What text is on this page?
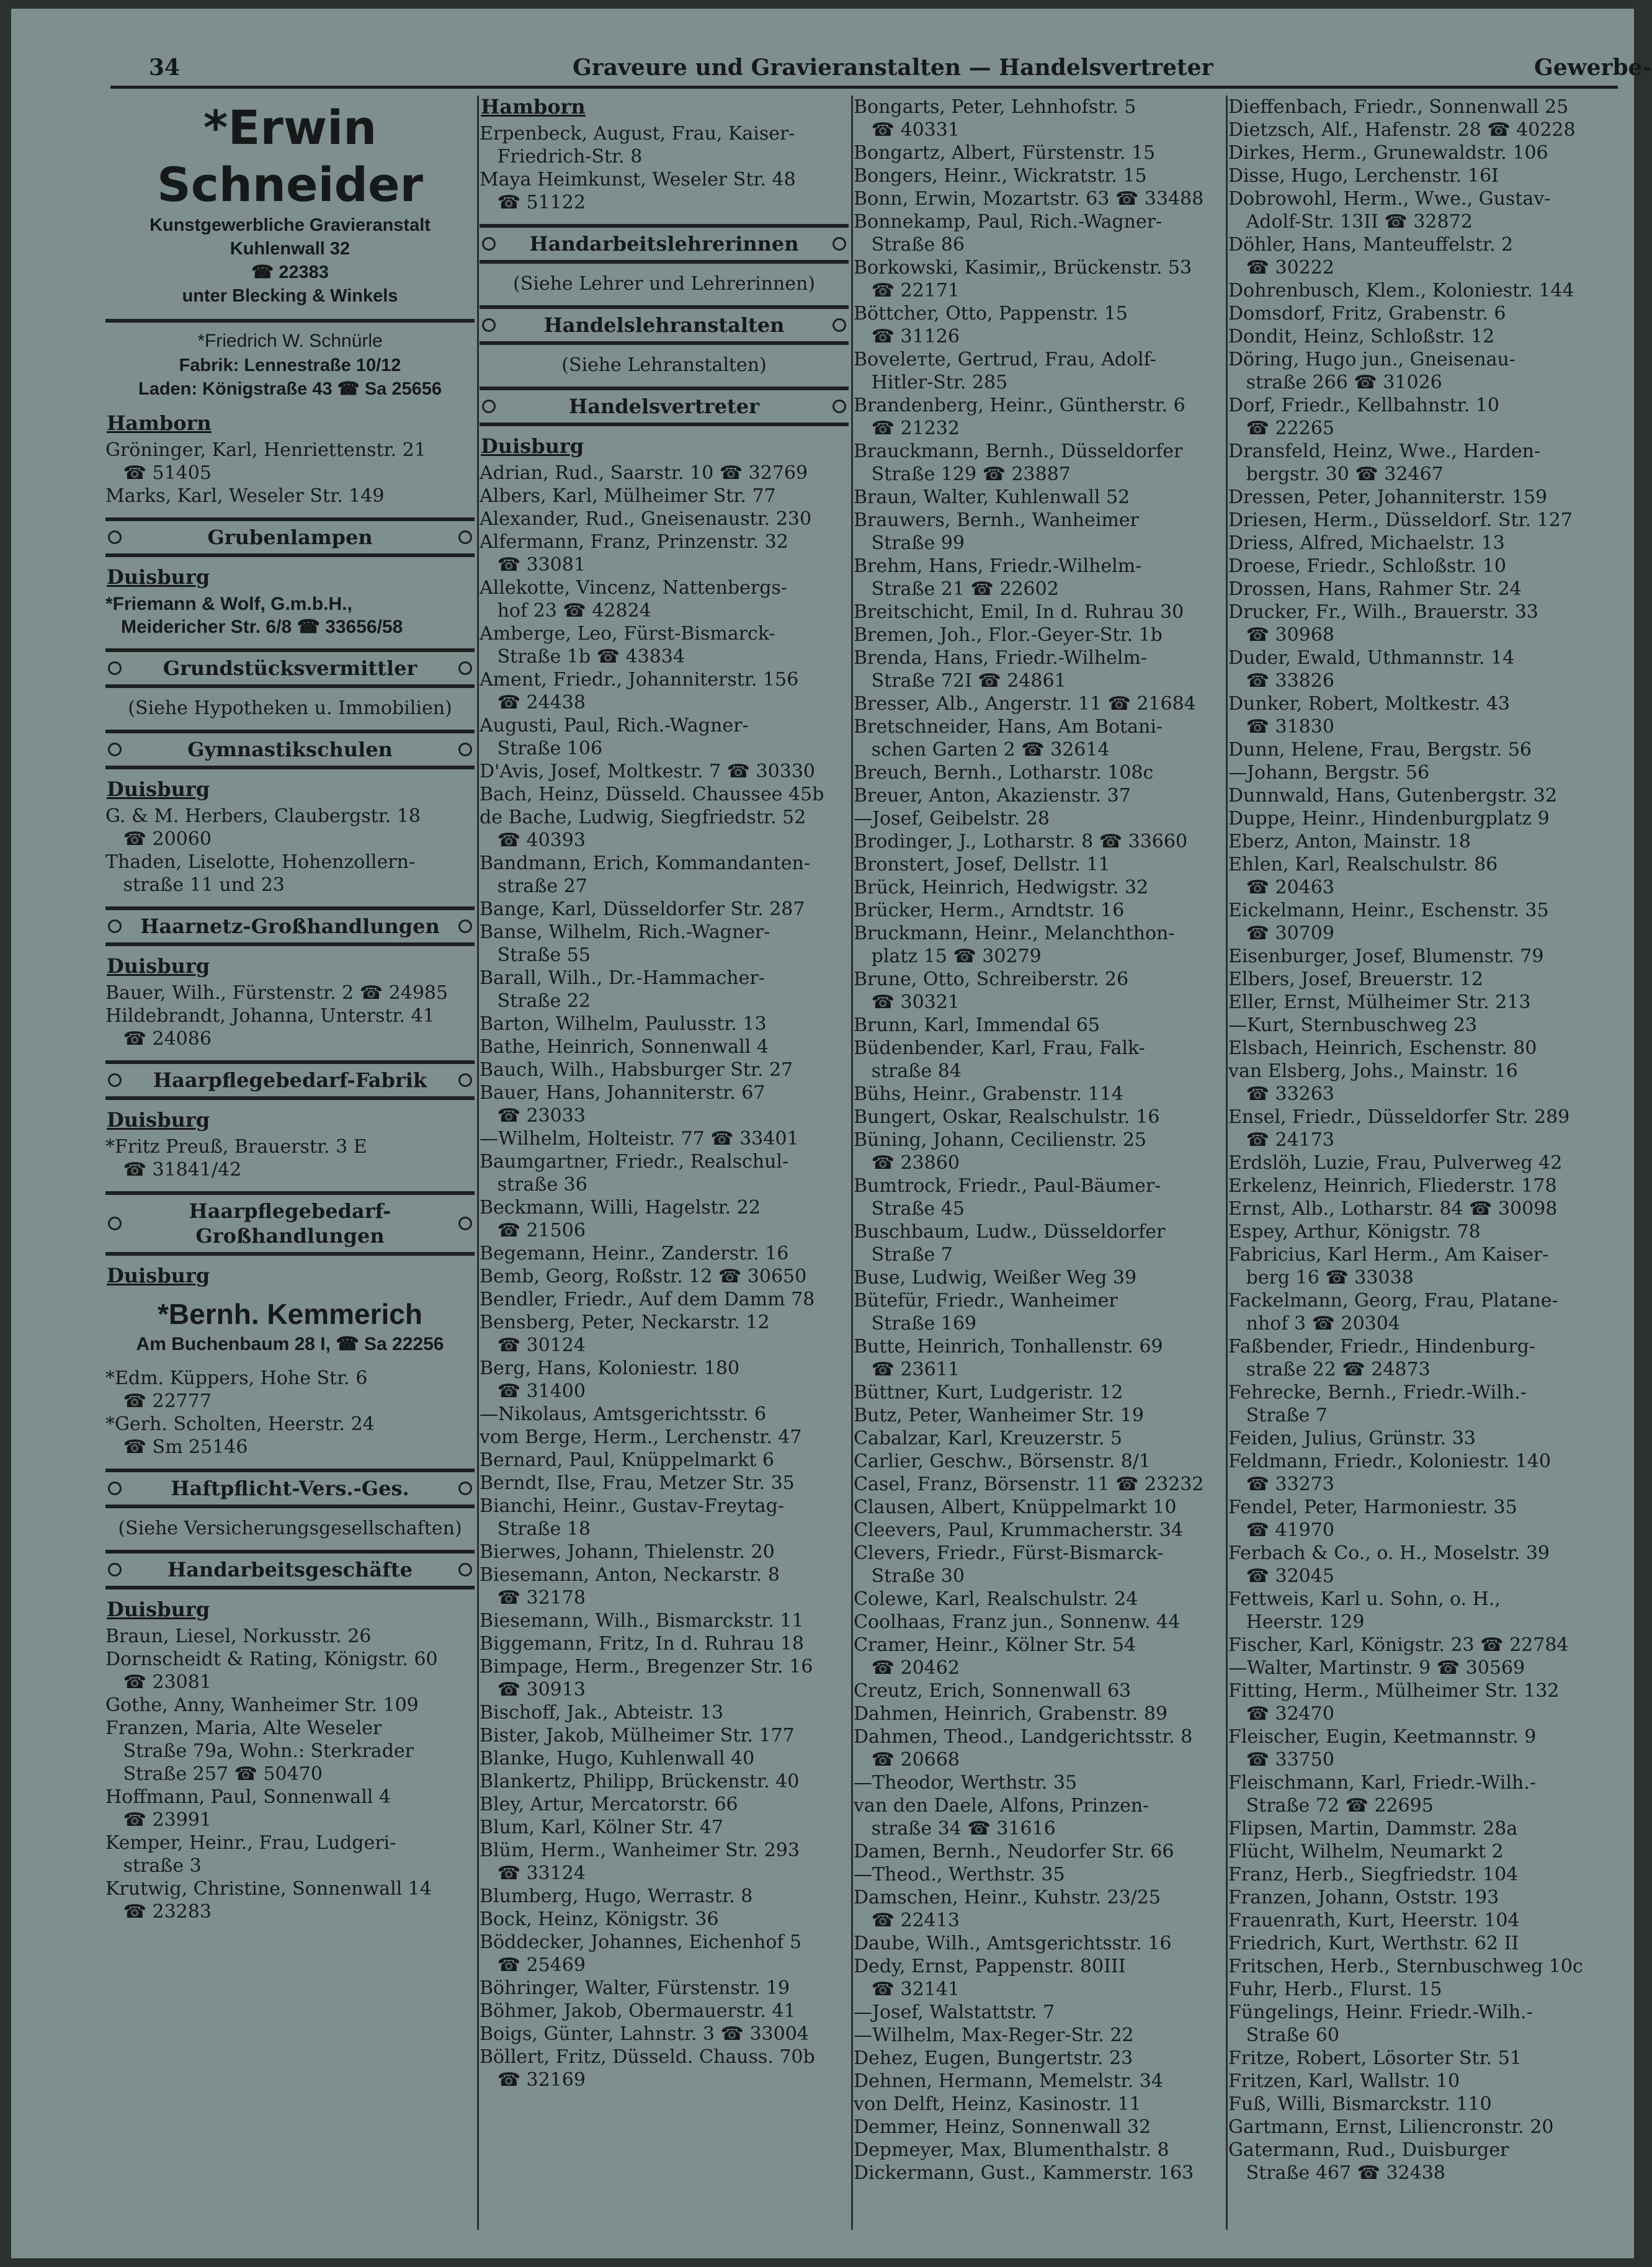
34	Graveure und Gravieranstalten — Handelsvertreter	Gewerbe-
*Erwin Schneider
Kunstgewerbliche Gravieranstalt
Kuhlenwall 32
☎ 22383
unter Blecking & Winkels
*Friedrich W. Schnürle
Fabrik: Lennestraße 10/12
Laden: Königstraße 43 ☎ Sa 25656
Hamborn
Gröninger, Karl, Henriettenstr. 21
☎ 51405
Marks, Karl, Weseler Str. 149
Grubenlampen
Duisburg
*Friemann & Wolf, G.m.b.H.,
Meidericher Str. 6/8 ☎ 33656/58
Grundstücksvermittler
(Siehe Hypotheken u. Immobilien)
Gymnastikschulen
Duisburg
G. & M. Herbers, Claubergstr. 18
☎ 20060
Thaden, Liselotte, Hohenzollern-
straße 11 und 23
Haarnetz-Großhandlungen
Duisburg
Bauer, Wilh., Fürstenstr. 2 ☎ 24985
Hildebrandt, Johanna, Unterstr. 41
☎ 24086
Haarpflegebedarf-Fabrik
Duisburg
*Fritz Preuß, Brauerstr. 3 E
☎ 31841/42
Haarpflegebedarf-
Großhandlungen
Duisburg
*Bernh. Kemmerich
Am Buchenbaum 28 I, ☎ Sa 22256
*Edm. Küppers, Hohe Str. 6
☎ 22777
*Gerh. Scholten, Heerstr. 24
☎ Sm 25146
Haftpflicht-Vers.-Ges.
(Siehe Versicherungsgesellschaften)
Handarbeitsgeschäfte
Duisburg
Braun, Liesel, Norkusstr. 26
Dornscheidt & Rating, Königstr. 60
☎ 23081
Gothe, Anny, Wanheimer Str. 109
Franzen, Maria, Alte Weseler
Straße 79a, Wohn.: Sterkrader
Straße 257 ☎ 50470
Hoffmann, Paul, Sonnenwall 4
☎ 23991
Kemper, Heinr., Frau, Ludgeri-
straße 3
Krutwig, Christine, Sonnenwall 14
☎ 23283
Hamborn
Erpenbeck, August, Frau, Kaiser-
Friedrich-Str. 8
Maya Heimkunst, Weseler Str. 48
☎ 51122
Handarbeitslehrerinnen
(Siehe Lehrer und Lehrerinnen)
Handelslehranstalten
(Siehe Lehranstalten)
Handelsvertreter
Duisburg
Adrian, Rud., Saarstr. 10 ☎ 32769
Albers, Karl, Mülheimer Str. 77
Alexander, Rud., Gneisenaustr. 230
Alfermann, Franz, Prinzenstr. 32
☎ 33081
Allekotte, Vincenz, Nattenbergs-
hof 23 ☎ 42824
Amberge, Leo, Fürst-Bismarck-
Straße 1b ☎ 43834
Ament, Friedr., Johanniterstr. 156
☎ 24438
Augusti, Paul, Rich.-Wagner-
Straße 106
D'Avis, Josef, Moltkestr. 7 ☎ 30330
Bach, Heinz, Düsseld. Chaussee 45b
de Bache, Ludwig, Siegfriedstr. 52
☎ 40393
Bandmann, Erich, Kommandanten-
straße 27
Bange, Karl, Düsseldorfer Str. 287
Banse, Wilhelm, Rich.-Wagner-
Straße 55
Barall, Wilh., Dr.-Hammacher-
Straße 22
Barton, Wilhelm, Paulusstr. 13
Bathe, Heinrich, Sonnenwall 4
Bauch, Wilh., Habsburger Str. 27
Bauer, Hans, Johanniterstr. 67
☎ 23033
—Wilhelm, Holteistr. 77 ☎ 33401
Baumgartner, Friedr., Realschul-
straße 36
Beckmann, Willi, Hagelstr. 22
☎ 21506
Begemann, Heinr., Zanderstr. 16
Bemb, Georg, Roßstr. 12 ☎ 30650
Bendler, Friedr., Auf dem Damm 78
Bensberg, Peter, Neckarstr. 12
☎ 30124
Berg, Hans, Koloniestr. 180
☎ 31400
—Nikolaus, Amtsgerichtsstr. 6
vom Berge, Herm., Lerchenstr. 47
Bernard, Paul, Knüppelmarkt 6
Berndt, Ilse, Frau, Metzer Str. 35
Bianchi, Heinr., Gustav-Freytag-
Straße 18
Bierwes, Johann, Thielenstr. 20
Biesemann, Anton, Neckarstr. 8
☎ 32178
Biesemann, Wilh., Bismarckstr. 11
Biggemann, Fritz, In d. Ruhrau 18
Bimpage, Herm., Bregenzer Str. 16
☎ 30913
Bischoff, Jak., Abteistr. 13
Bister, Jakob, Mülheimer Str. 177
Blanke, Hugo, Kuhlenwall 40
Blankertz, Philipp, Brückenstr. 40
Bley, Artur, Mercatorstr. 66
Blum, Karl, Kölner Str. 47
Blüm, Herm., Wanheimer Str. 293
☎ 33124
Blumberg, Hugo, Werrastr. 8
Bock, Heinz, Königstr. 36
Böddecker, Johannes, Eichenhof 5
☎ 25469
Böhringer, Walter, Fürstenstr. 19
Böhmer, Jakob, Obermauerstr. 41
Boigs, Günter, Lahnstr. 3 ☎ 33004
Böllert, Fritz, Düsseld. Chauss. 70b
☎ 32169
Bongarts, Peter, Lehnhofstr. 5
☎ 40331
Bongartz, Albert, Fürstenstr. 15
Bongers, Heinr., Wickratstr. 15
Bonn, Erwin, Mozartstr. 63 ☎ 33488
Bonnekamp, Paul, Rich.-Wagner-
Straße 86
Borkowski, Kasimir,, Brückenstr. 53
☎ 22171
Böttcher, Otto, Pappenstr. 15
☎ 31126
Boveleтte, Gertrud, Frau, Adolf-
Hitler-Str. 285
Brandenberg, Heinr., Güntherstr. 6
☎ 21232
Brauckmann, Bernh., Düsseldorfer
Straße 129 ☎ 23887
Braun, Walter, Kuhlenwall 52
Brauwers, Bernh., Wanheimer
Straße 99
Brehm, Hans, Friedr.-Wilhelm-
Straße 21 ☎ 22602
Breitschicht, Emil, In d. Ruhrau 30
Bremen, Joh., Flor.-Geyer-Str. 1b
Brenda, Hans, Friedr.-Wilhelm-
Straße 72I ☎ 24861
Bresser, Alb., Angerstr. 11 ☎ 21684
Bretschneider, Hans, Am Botani-
schen Garten 2 ☎ 32614
Breuch, Bernh., Lotharstr. 108c
Breuer, Anton, Akazienstr. 37
—Josef, Geibelstr. 28
Brodinger, J., Lotharstr. 8 ☎ 33660
Bronstert, Josef, Dellstr. 11
Brück, Heinrich, Hedwigstr. 32
Brücker, Herm., Arndtstr. 16
Bruckmann, Heinr., Melanchthon-
platz 15 ☎ 30279
Brune, Otto, Schreiberstr. 26
☎ 30321
Brunn, Karl, Immendal 65
Büdenbender, Karl, Frau, Falk-
straße 84
Bühs, Heinr., Grabenstr. 114
Bungert, Oskar, Realschulstr. 16
Büning, Johann, Cecilienstr. 25
☎ 23860
Bumtrock, Friedr., Paul-Bäumer-
Straße 45
Buschbaum, Ludw., Düsseldorfer
Straße 7
Buse, Ludwig, Weißer Weg 39
Bütefür, Friedr., Wanheimer
Straße 169
Butte, Heinrich, Tonhallenstr. 69
☎ 23611
Büttner, Kurt, Ludgeristr. 12
Butz, Peter, Wanheimer Str. 19
Cabalzar, Karl, Kreuzerstr. 5
Carlier, Geschw., Börsenstr. 8/1
Casel, Franz, Börsenstr. 11 ☎ 23232
Clausen, Albert, Knüppelmarkt 10
Cleevers, Paul, Krummacherstr. 34
Clevers, Friedr., Fürst-Bismarck-
Straße 30
Colewe, Karl, Realschulstr. 24
Coolhaas, Franz jun., Sonnenw. 44
Cramer, Heinr., Kölner Str. 54
☎ 20462
Creutz, Erich, Sonnenwall 63
Dahmen, Heinrich, Grabenstr. 89
Dahmen, Theod., Landgerichtsstr. 8
☎ 20668
—Theodor, Werthstr. 35
van den Daele, Alfons, Prinzen-
straße 34 ☎ 31616
Damen, Bernh., Neudorfer Str. 66
—Theod., Werthstr. 35
Damschen, Heinr., Kuhstr. 23/25
☎ 22413
Daube, Wilh., Amtsgerichtsstr. 16
Dedy, Ernst, Pappenstr. 80III
☎ 32141
—Josef, Walstattstr. 7
—Wilhelm, Max-Reger-Str. 22
Dehez, Eugen, Bungertstr. 23
Dehnen, Hermann, Memelstr. 34
von Delft, Heinz, Kasinostr. 11
Demmer, Heinz, Sonnenwall 32
Depmeyer, Max, Blumenthalstr. 8
Dickermann, Gust., Kammerstr. 163
Dieffenbach, Friedr., Sonnenwall 25
Dietzsch, Alf., Hafenstr. 28 ☎ 40228
Dirkes, Herm., Grunewaldstr. 106
Disse, Hugo, Lerchenstr. 16I
Dobrowohl, Herm., Wwe., Gustav-
Adolf-Str. 13II ☎ 32872
Döhler, Hans, Manteuffelstr. 2
☎ 30222
Dohrenbusch, Klem., Koloniestr. 144
Domsdorf, Fritz, Grabenstr. 6
Dondit, Heinz, Schloßstr. 12
Döring, Hugo jun., Gneisenau-
straße 266 ☎ 31026
Dorf, Friedr., Kellbahnstr. 10
☎ 22265
Dransfeld, Heinz, Wwe., Harden-
bergstr. 30 ☎ 32467
Dressen, Peter, Johanniterstr. 159
Driesen, Herm., Düsseldorf. Str. 127
Driess, Alfred, Michaelstr. 13
Droese, Friedr., Schloßstr. 10
Drossen, Hans, Rahmer Str. 24
Drucker, Fr., Wilh., Brauerstr. 33
☎ 30968
Duder, Ewald, Uthmannstr. 14
☎ 33826
Dunker, Robert, Moltkestr. 43
☎ 31830
Dunn, Helene, Frau, Bergstr. 56
—Johann, Bergstr. 56
Dunnwald, Hans, Gutenbergstr. 32
Duppe, Heinr., Hindenburgplatz 9
Eberz, Anton, Mainstr. 18
Ehlen, Karl, Realschulstr. 86
☎ 20463
Eickelmann, Heinr., Eschenstr. 35
☎ 30709
Eisenburger, Josef, Blumenstr. 79
Elbers, Josef, Breuerstr. 12
Eller, Ernst, Mülheimer Str. 213
—Kurt, Sternbuschweg 23
Elsbach, Heinrich, Eschenstr. 80
van Elsberg, Johs., Mainstr. 16
☎ 33263
Ensel, Friedr., Düsseldorfer Str. 289
☎ 24173
Erdslöh, Luzie, Frau, Pulverweg 42
Erkelenz, Heinrich, Fliederstr. 178
Ernst, Alb., Lotharstr. 84 ☎ 30098
Espey, Arthur, Königstr. 78
Fabricius, Karl Herm., Am Kaiser-
berg 16 ☎ 33038
Fackelmann, Georg, Frau, Platane-
nhof 3 ☎ 20304
Faßbender, Friedr., Hindenburg-
straße 22 ☎ 24873
Fehrecke, Bernh., Friedr.-Wilh.-
Straße 7
Feiden, Julius, Grünstr. 33
Feldmann, Friedr., Koloniestr. 140
☎ 33273
Fendel, Peter, Harmoniestr. 35
☎ 41970
Ferbach & Co., o. H., Moselstr. 39
☎ 32045
Fettweis, Karl u. Sohn, o. H.,
Heerstr. 129
Fischer, Karl, Königstr. 23 ☎ 22784
—Walter, Martinstr. 9 ☎ 30569
Fitting, Herm., Mülheimer Str. 132
☎ 32470
Fleischer, Eugin, Keetmannstr. 9
☎ 33750
Fleischmann, Karl, Friedr.-Wilh.-
Straße 72 ☎ 22695
Flipsen, Martin, Dammstr. 28a
Flücht, Wilhelm, Neumarkt 2
Franz, Herb., Siegfriedstr. 104
Franzen, Johann, Oststr. 193
Frauenrath, Kurt, Heerstr. 104
Friedrich, Kurt, Werthstr. 62 II
Fritschen, Herb., Sternbuschweg 10c
Fuhr, Herb., Flurst. 15
Füngelings, Heinr. Friedr.-Wilh.-
Straße 60
Fritze, Robert, Lösorter Str. 51
Fritzen, Karl, Wallstr. 10
Fuß, Willi, Bismarckstr. 110
Gartmann, Ernst, Liliencronstr. 20
Gatermann, Rud., Duisburger
Straße 467 ☎ 32438
